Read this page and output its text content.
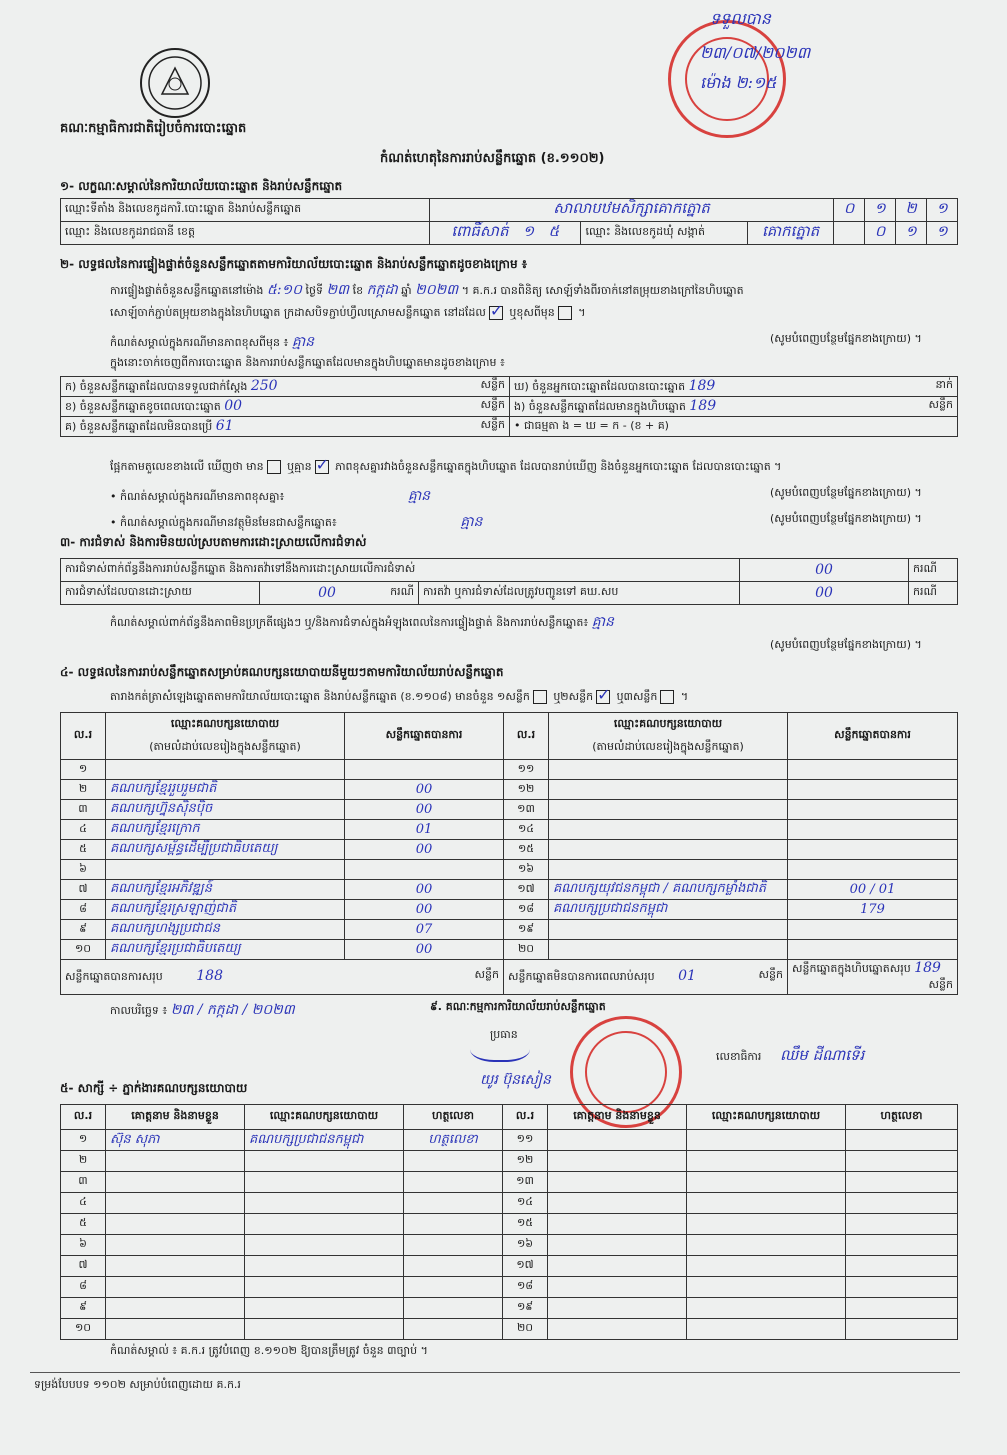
គណៈកម្មាធិការជាតិរៀបចំការបោះឆ្នោត
កំណត់ហេតុនៃការរាប់សន្លឹកឆ្នោត (ខ.១១០២)
ទទួលបាន
២៣/០៧/២០២៣
ម៉ោង ២:១៥
១- លក្ខណៈសម្គាល់នៃការិយាល័យបោះឆ្នោត និងរាប់សន្លឹកឆ្នោត
ឈ្មោះទីតាំង និងលេខកូដការិ.បោះឆ្នោត និងរាប់សន្លឹកឆ្នោត	សាលាបឋមសិក្សាគោកត្នោត			០	១	២	១
ឈ្មោះ និងលេខកូដរាជធានី ខេត្ត	ពោធិ៍សាត់ ១ ៥	ឈ្មោះ និងលេខកូដឃុំ សង្កាត់	គោកត្នោត		០	១	១
២- លទ្ធផលនៃការផ្ទៀងផ្ទាត់ចំនួនសន្លឹកឆ្នោតតាមការិយាល័យបោះឆ្នោត និងរាប់សន្លឹកឆ្នោតដូចខាងក្រោម ៖
ការផ្ទៀងផ្ទាត់ចំនួនសន្លឹកឆ្នោតនៅម៉ោង ៥:១០ ថ្ងៃទី ២៣ ខែ កក្កដា ឆ្នាំ ២០២៣ ។ គ.ក.រ បានពិនិត្យ សោឡ៍ទាំងពីរចាក់នៅតម្រុយខាងក្រៅនៃហិបឆ្នោត
សោឡ៍ចាក់ភ្ជាប់តម្រុយខាងក្នុងនៃហិបឆ្នោត ក្រដាសបិទភ្ជាប់ហ្វឹលស្រោមសន្លឹកឆ្នោត នៅដដែល ✓ ឬខុសពីមុន ។
កំណត់សម្គាល់ក្នុងករណីមានភាពខុសពីមុន ៖ គ្មាន	(សូមបំពេញបន្ថែមផ្នែកខាងក្រោយ) ។
ក្នុងនោះចាក់ចេញពីការបោះឆ្នោត និងការរាប់សន្លឹកឆ្នោតដែលមានក្នុងហិបឆ្នោតមានដូចខាងក្រោម ៖
ក) ចំនួនសន្លឹកឆ្នោតដែលបានទទួលជាក់ស្តែង 250 សន្លឹក	ឃ) ចំនួនអ្នកបោះឆ្នោតដែលបានបោះឆ្នោត 189 នាក់

ខ) ចំនួនសន្លឹកឆ្នោតខូចពេលបោះឆ្នោត 00 សន្លឹក	ង) ចំនួនសន្លឹកឆ្នោតដែលមានក្នុងហិបឆ្នោត 189 សន្លឹក

គ) ចំនួនសន្លឹកឆ្នោតដែលមិនបានប្រើ 61 សន្លឹក	• ជាធម្មតា ង = ឃ = ក - (ខ + គ)
ផ្អែកតាមតួលេខខាងលើ ឃើញថា មាន ឬគ្មាន ✓ ភាពខុសគ្នារវាងចំនួនសន្លឹកឆ្នោតក្នុងហិបឆ្នោត ដែលបានរាប់ឃើញ និងចំនួនអ្នកបោះឆ្នោត ដែលបានបោះឆ្នោត ។
• កំណត់សម្គាល់ក្នុងករណីមានភាពខុសគ្នា៖	គ្មាន	(សូមបំពេញបន្ថែមផ្នែកខាងក្រោយ) ។
• កំណត់សម្គាល់ក្នុងករណីមានវត្ថុមិនមែនជាសន្លឹកឆ្នោត៖	គ្មាន	(សូមបំពេញបន្ថែមផ្នែកខាងក្រោយ) ។
៣- ការជំទាស់ និងការមិនយល់ស្របតាមការដោះស្រាយលើការជំទាស់
ការជំទាស់ពាក់ព័ន្ធនឹងការរាប់សន្លឹកឆ្នោត និងការតវ៉ាទៅនឹងការដោះស្រាយលើការជំទាស់			00	ករណី
ការជំទាស់ដែលបានដោះស្រាយ	00 ករណី	ការតវ៉ា ឬការជំទាស់ដែលត្រូវបញ្ជូនទៅ គឃ.សប	00	ករណី
កំណត់សម្គាល់ពាក់ព័ន្ធនឹងភាពមិនប្រក្រតីផ្សេងៗ ឬ/និងការជំទាស់ក្នុងអំឡុងពេលនៃការផ្ទៀងផ្ទាត់ និងការរាប់សន្លឹកឆ្នោត៖ គ្មាន
(សូមបំពេញបន្ថែមផ្នែកខាងក្រោយ) ។
៤- លទ្ធផលនៃការរាប់សន្លឹកឆ្នោតសម្រាប់គណបក្សនយោបាយនីមួយៗតាមការិយាល័យរាប់សន្លឹកឆ្នោត
តារាងកត់ត្រាសំឡេងឆ្នោតតាមការិយាល័យបោះឆ្នោត និងរាប់សន្លឹកឆ្នោត (ខ.១១០៨) មានចំនួន ១សន្លឹក ឬ២សន្លឹក ✓ ឬ៣សន្លឹក ។
ល.រ	ឈ្មោះគណបក្សនយោបាយ	សន្លឹកឆ្នោតបានការ	ល.រ	ឈ្មោះគណបក្សនយោបាយ	សន្លឹកឆ្នោតបានការ
	(តាមលំដាប់លេខរៀងក្នុងសន្លឹកឆ្នោត)			(តាមលំដាប់លេខរៀងក្នុងសន្លឹកឆ្នោត)	
១			១១		
២	គណបក្សខ្មែររួបរួមជាតិ	00	១២		
៣	គណបក្សហ្វ៊ុនស៊ិនប៉ិច	00	១៣		
៤	គណបក្សខ្មែរក្រោក	01	១៤		
៥	គណបក្សសម្ព័ន្ធដើម្បីប្រជាធិបតេយ្យ	00	១៥		
៦			១៦		
៧	គណបក្សខ្មែរអភិវឌ្ឍន៍	00	១៧	គណបក្សយុវជនកម្ពុជា / គណបក្សកម្លាំងជាតិ	00 / 01
៨	គណបក្សខ្មែរស្រឡាញ់ជាតិ	00	១៨	គណបក្សប្រជាជនកម្ពុជា	179
៩	គណបក្សហង្សប្រជាជន	07	១៩		
១០	គណបក្សខ្មែរប្រជាធិបតេយ្យ	00	២០		
សន្លឹកឆ្នោតបានការសរុប 188 សន្លឹក			សន្លឹកឆ្នោតមិនបានការពេលរាប់សរុប 01 សន្លឹក		សន្លឹកឆ្នោតក្នុងហិបឆ្នោតសរុប 189
សន្លឹក
កាលបរិច្ឆេទ ៖ ២៣ / កក្កដា / ២០២៣	៩. គណៈកម្មការការិយាល័យរាប់សន្លឹកឆ្នោត
ប្រធាន
យូរ ប៊ុនសៀន
លេខាធិការ ឈឹម ដីណាទើរ
៥- សាក្សី ÷ ភ្នាក់ងារគណបក្សនយោបាយ
ល.រ	គោត្តនាម និងនាមខ្លួន	ឈ្មោះគណបក្សនយោបាយ	ហត្ថលេខា	ល.រ	គោត្តនាម និងនាមខ្លួន	ឈ្មោះគណបក្សនយោបាយ	ហត្ថលេខា
១	ស៊ុន សុភា	គណបក្សប្រជាជនកម្ពុជា	ហត្ថលេខា	១១			
២				១២			
៣				១៣			
៤				១៤			
៥				១៥			
៦				១៦			
៧				១៧			
៨				១៨			
៩				១៩			
១០				២០			
កំណត់សម្គាល់ ៖ គ.ក.រ ត្រូវបំពេញ ខ.១១០២ ឱ្យបានត្រឹមត្រូវ ចំនួន ៣ច្បាប់ ។
ទម្រង់បែបបទ ១១០២ សម្រាប់បំពេញដោយ គ.ក.រ
